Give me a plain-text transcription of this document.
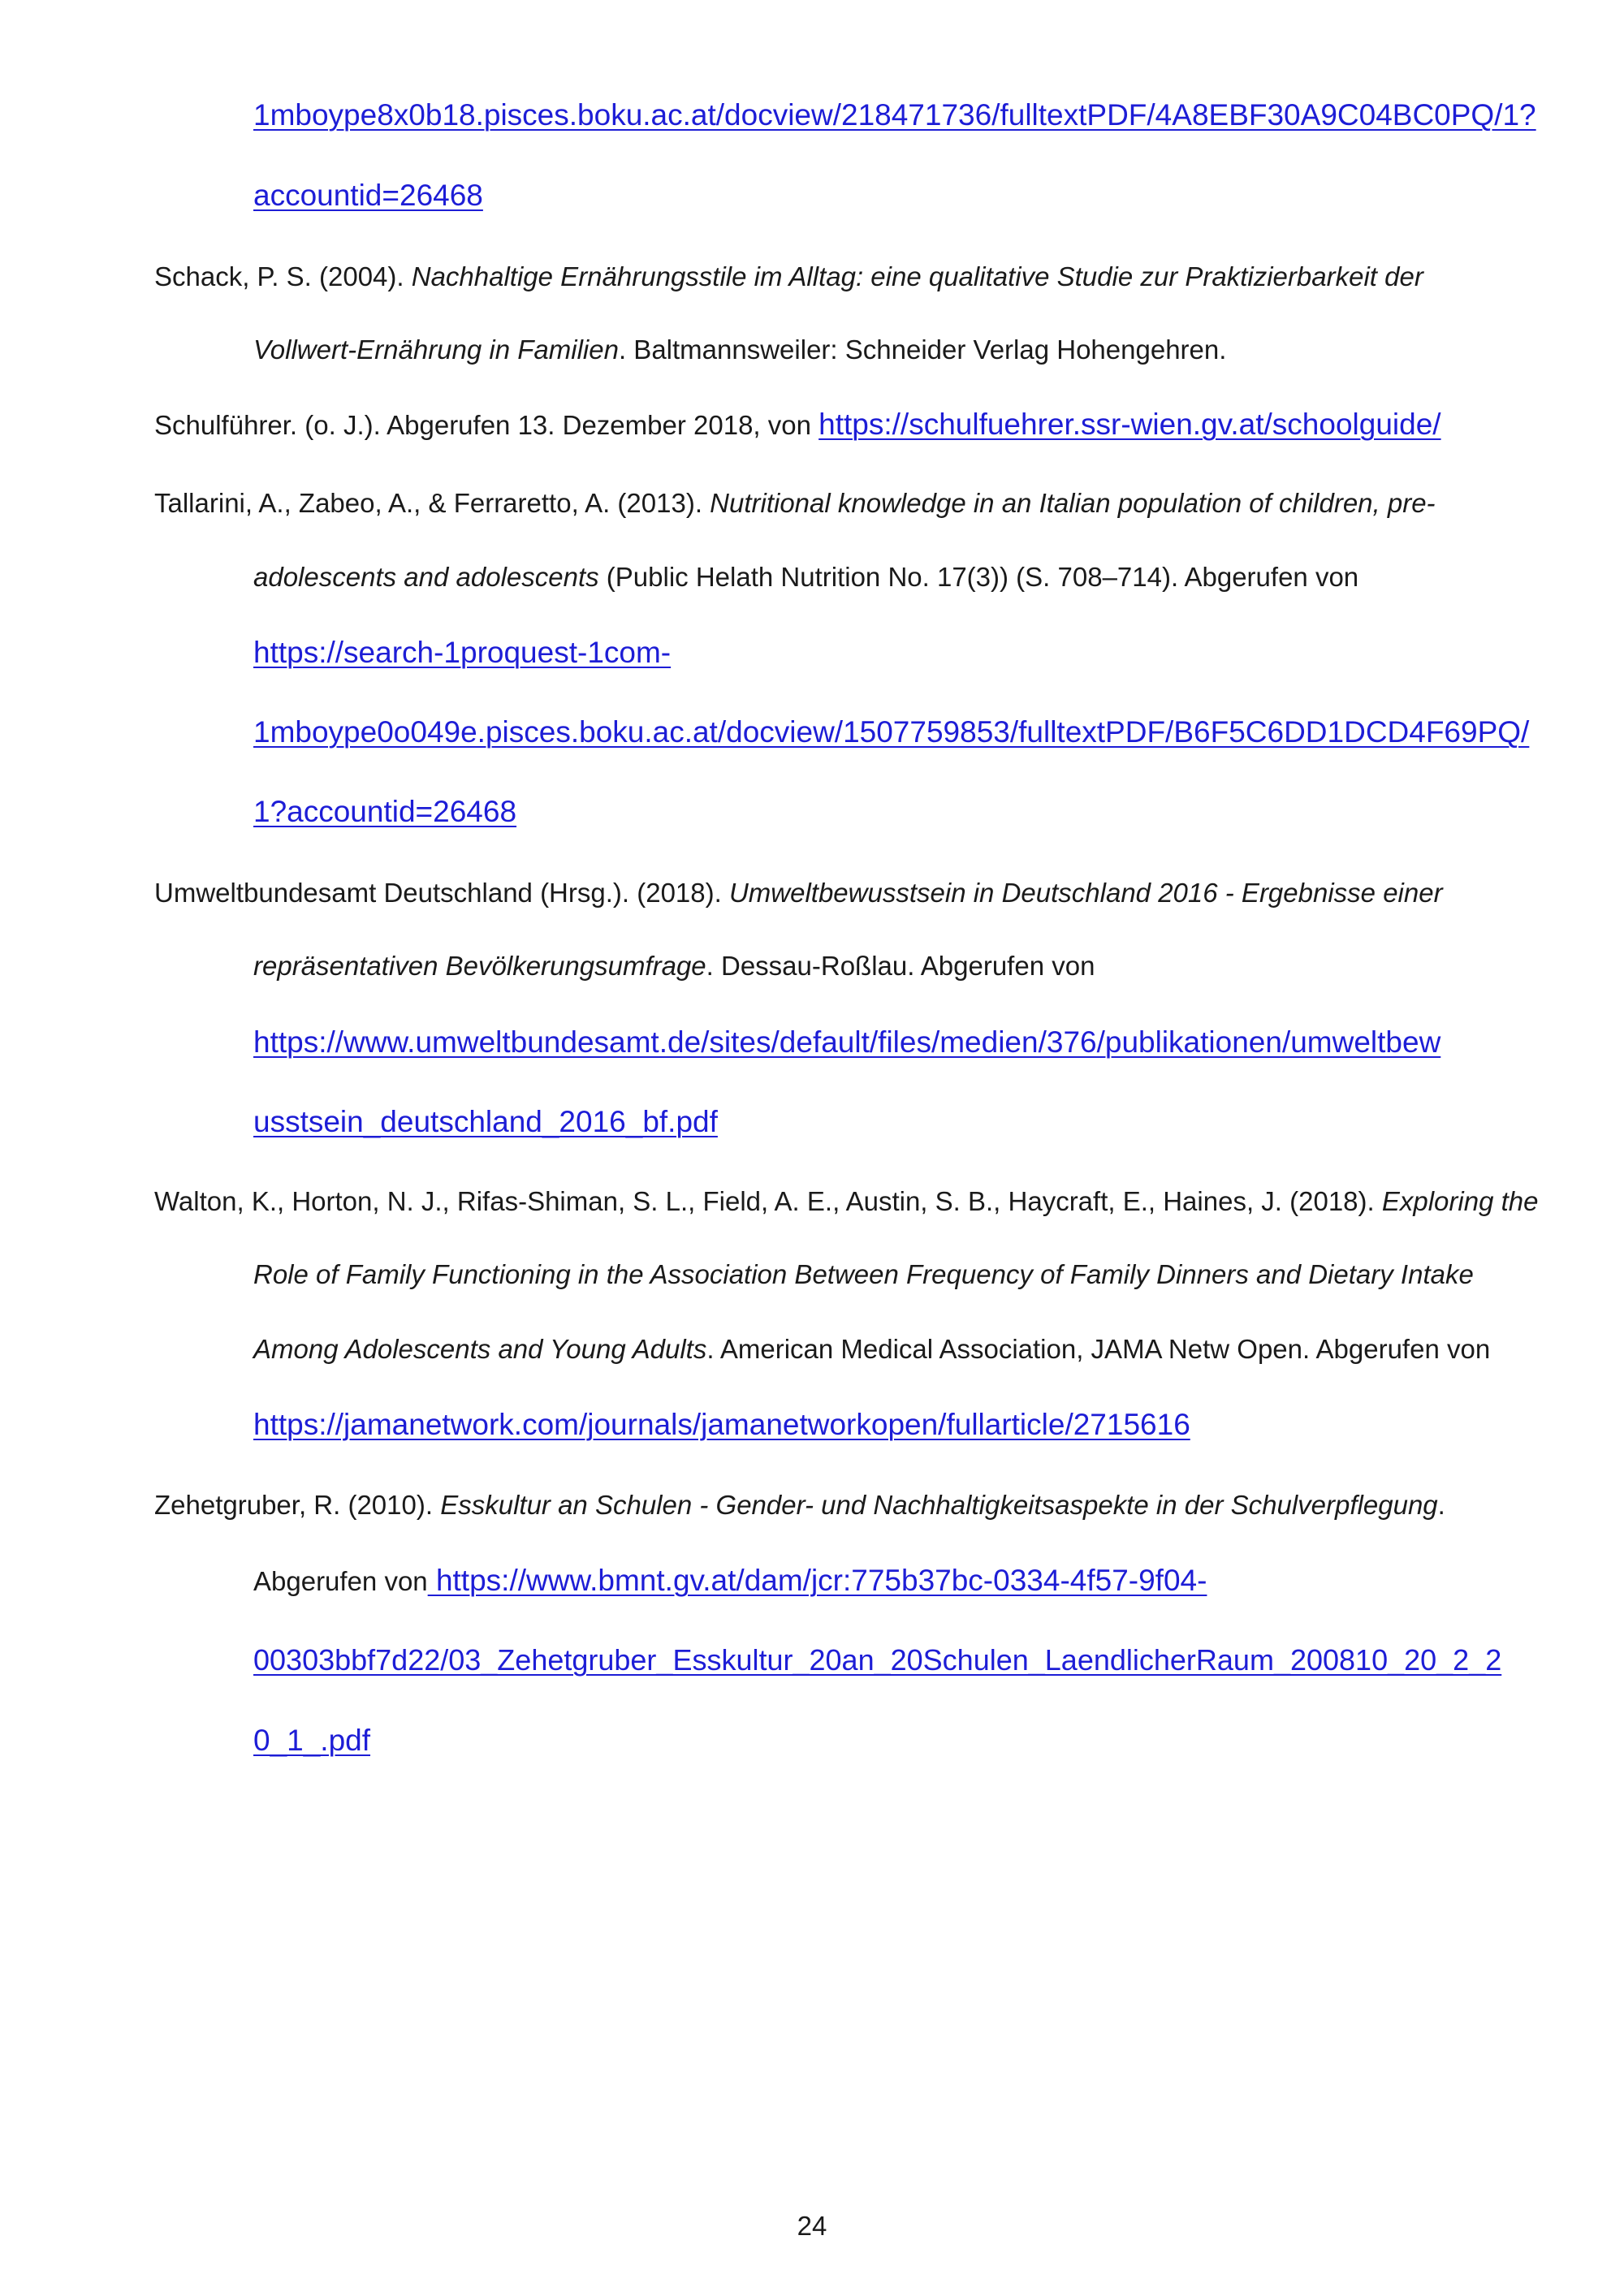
1mboype8x0b18.pisces.boku.ac.at/docview/218471736/fulltextPDF/4A8EBF30A9C04BC0PQ/1?
accountid=26468
Schack, P. S. (2004). Nachhaltige Ernährungsstile im Alltag: eine qualitative Studie zur Praktizierbarkeit der
Vollwert-Ernährung in Familien. Baltmannsweiler: Schneider Verlag Hohengehren.
Schulführer. (o. J.). Abgerufen 13. Dezember 2018, von https://schulfuehrer.ssr-wien.gv.at/schoolguide/
Tallarini, A., Zabeo, A., & Ferraretto, A. (2013). Nutritional knowledge in an Italian population of children, pre-
adolescents and adolescents (Public Helath Nutrition No. 17(3)) (S. 708–714). Abgerufen von
https://search-1proquest-1com-
1mboype0o049e.pisces.boku.ac.at/docview/1507759853/fulltextPDF/B6F5C6DD1DCD4F69PQ/
1?accountid=26468
Umweltbundesamt Deutschland (Hrsg.). (2018). Umweltbewusstsein in Deutschland 2016 - Ergebnisse einer
repräsentativen Bevölkerungsumfrage. Dessau-Roßlau. Abgerufen von
https://www.umweltbundesamt.de/sites/default/files/medien/376/publikationen/umweltbew
usstsein_deutschland_2016_bf.pdf
Walton, K., Horton, N. J., Rifas-Shiman, S. L., Field, A. E., Austin, S. B., Haycraft, E., Haines, J. (2018). Exploring the
Role of Family Functioning in the Association Between Frequency of Family Dinners and Dietary Intake
Among Adolescents and Young Adults. American Medical Association, JAMA Netw Open. Abgerufen von
https://jamanetwork.com/journals/jamanetworkopen/fullarticle/2715616
Zehetgruber, R. (2010). Esskultur an Schulen - Gender- und Nachhaltigkeitsaspekte in der Schulverpflegung.
Abgerufen von https://www.bmnt.gv.at/dam/jcr:775b37bc-0334-4f57-9f04-
00303bbf7d22/03_Zehetgruber_Esskultur_20an_20Schulen_LaendlicherRaum_200810_20_2_2
0_1_.pdf
24
